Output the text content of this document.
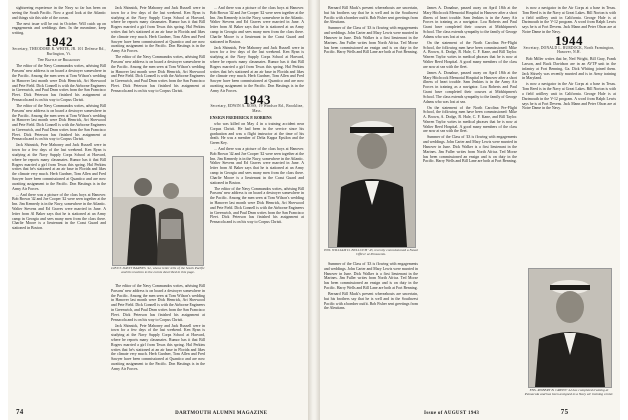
sightseeing experience in the Navy so far has been on seeing the South Pacific. Now a good look at the Atlantic and things stir this side of the ocean.

The next issue will be out in October. Will catch up on engagements and weddings then. In the meantime, keep writing.

1942
Secretary, THEODORE R. WHITE, JR. 101 Defense Rd., Burlington, Vt.

The Battle of Broadway

The editor of the Navy Commandos writes, advising Bill Parsons' new address is on board a destroyer somewhere in the Pacific. Among the men seen at Tom Wilson's wedding in Hanover last month were Dick Hemrick, Art Sherwood and Pete Field. Dick Connell is with the Airborne Engineers in Greenwich, and Paul Dean writes from the San Francisco Fleet. Dick Peterson has finished his assignment at Pensacola and is on his way to Corpus Christi.

The editor of the Navy Commandos writes, advising Bill Parsons' new address is on board a destroyer somewhere in the Pacific. Among the men seen at Tom Wilson's wedding in Hanover last month were Dick Hemrick, Art Sherwood and Pete Field. Dick Connell is with the Airborne Engineers in Greenwich, and Paul Dean writes from the San Francisco Fleet. Dick Peterson has finished his assignment at Pensacola and is on his way to Corpus Christi.

Jack Shinnick, Pete Mahoney and Jack Russell were in town for a few days of the last weekend. Ken Ryan is studying at the Navy Supply Corps School at Harvard, where he reports many classmates. Rumor has it that Bill Rogers married a girl from Texas this spring. Hal Perkins writes that he's stationed at an air base in Florida and likes the climate very much. Herb Gardner, Tom Allen and Fred Sawyer have been commissioned at Quantico and are now awaiting assignment to the Pacific. Don Hastings is in the Army Air Forces.

... And there was a picture of the class boys at Hanover. Bob Brown '42 and Joe Cooper '42 were seen together at the Inn. Jim Kennedy is in the Navy, somewhere in the Atlantic. Walter Stevens and Ed Graves were married in June. A letter from Al Baker says that he is stationed at an Army camp in Georgia and sees many men from the class there. Charlie Moore is a lieutenant in the Coast Guard and stationed in Boston.

Jack Shinnick, Pete Mahoney and Jack Russell were in town for a few days of the last weekend. Ken Ryan is studying at the Navy Supply Corps School at Harvard, where he reports many classmates. Rumor has it that Bill Rogers married a girl from Texas this spring. Hal Perkins writes that he's stationed at an air base in Florida and likes the climate very much. Herb Gardner, Tom Allen and Fred Sawyer have been commissioned at Quantico and are now awaiting assignment to the Pacific. Don Hastings is in the Army Air Forces.

The editor of the Navy Commandos writes, advising Bill Parsons' new address is on board a destroyer somewhere in the Pacific. Among the men seen at Tom Wilson's wedding in Hanover last month were Dick Hemrick, Art Sherwood and Pete Field. Dick Connell is with the Airborne Engineers in Greenwich, and Paul Dean writes from the San Francisco Fleet. Dick Peterson has finished his assignment at Pensacola and is on his way to Corpus Christi.

LIEUT. DAVIT BARNES '42, whose letter tells of the South Pacific and his reaction to the events described in this page.

The editor of the Navy Commandos writes, advising Bill Parsons' new address is on board a destroyer somewhere in the Pacific. Among the men seen at Tom Wilson's wedding in Hanover last month were Dick Hemrick, Art Sherwood and Pete Field. Dick Connell is with the Airborne Engineers in Greenwich, and Paul Dean writes from the San Francisco Fleet. Dick Peterson has finished his assignment at Pensacola and is on his way to Corpus Christi.

Jack Shinnick, Pete Mahoney and Jack Russell were in town for a few days of the last weekend. Ken Ryan is studying at the Navy Supply Corps School at Harvard, where he reports many classmates. Rumor has it that Bill Rogers married a girl from Texas this spring. Hal Perkins writes that he's stationed at an air base in Florida and likes the climate very much. Herb Gardner, Tom Allen and Fred Sawyer have been commissioned at Quantico and are now awaiting assignment to the Pacific. Don Hastings is in the Army Air Forces.

... And there was a picture of the class boys at Hanover. Bob Brown '42 and Joe Cooper '42 were seen together at the Inn. Jim Kennedy is in the Navy, somewhere in the Atlantic. Walter Stevens and Ed Graves were married in June. A letter from Al Baker says that he is stationed at an Army camp in Georgia and sees many men from the class there. Charlie Moore is a lieutenant in the Coast Guard and stationed in Boston.

Jack Shinnick, Pete Mahoney and Jack Russell were in town for a few days of the last weekend. Ken Ryan is studying at the Navy Supply Corps School at Harvard, where he reports many classmates. Rumor has it that Bill Rogers married a girl from Texas this spring. Hal Perkins writes that he's stationed at an air base in Florida and likes the climate very much. Herb Gardner, Tom Allen and Fred Sawyer have been commissioned at Quantico and are now awaiting assignment to the Pacific. Don Hastings is in the Army Air Forces.

1943
Secretary, EDWIN A. ROSS, 19 Windsor Rd., Brookline, Mass.

ENSIGN FREDERICK P. ROBBINS

who was killed on May 4 in a training accident near Corpus Christi. He had been in the service since his graduation and was a flight instructor at the time of his death. He was a member of Delta Kappa Epsilon and the Green Key.

... And there was a picture of the class boys at Hanover. Bob Brown '42 and Joe Cooper '42 were seen together at the Inn. Jim Kennedy is in the Navy, somewhere in the Atlantic. Walter Stevens and Ed Graves were married in June. A letter from Al Baker says that he is stationed at an Army camp in Georgia and sees many men from the class there. Charlie Moore is a lieutenant in the Coast Guard and stationed in Boston.

The editor of the Navy Commandos writes, advising Bill Parsons' new address is on board a destroyer somewhere in the Pacific. Among the men seen at Tom Wilson's wedding in Hanover last month were Dick Hemrick, Art Sherwood and Pete Field. Dick Connell is with the Airborne Engineers in Greenwich, and Paul Dean writes from the San Francisco Fleet. Dick Peterson has finished his assignment at Pensacola and is on his way to Corpus Christi.

74	DARTMOUTH ALUMNI MAGAZINE

Bernard Bill Mack's present whereabouts are uncertain, but his brothers say that he is well and in the Southwest Pacific with a bomber outfit. Bob Fisher sent greetings from the Aleutians.

Summer of the Class of '43 is flowing with engagements and weddings. John Carter and Mary Lewis were married in Hanover in June. Dick Walker is a first lieutenant in the Marines. Jim Fuller writes from North Africa. Ted Morse has been commissioned an ensign and is on duty in the Pacific. Harry Wells and Bill Lane are both at Fort Benning.

ENS. WILLIAM D. BULLOCH '43, recently commissioned a Naval Officer at Pensacola.

Summer of the Class of '43 is flowing with engagements and weddings. John Carter and Mary Lewis were married in Hanover in June. Dick Walker is a first lieutenant in the Marines. Jim Fuller writes from North Africa. Ted Morse has been commissioned an ensign and is on duty in the Pacific. Harry Wells and Bill Lane are both at Fort Benning.

Bernard Bill Mack's present whereabouts are uncertain, but his brothers say that he is well and in the Southwest Pacific with a bomber outfit. Bob Fisher sent greetings from the Aleutians.

James A. Donahue, passed away on April 18th at the Mary Hitchcock Memorial Hospital in Hanover after a short illness of heart trouble. Sam Jenkins is in the Army Air Forces in training as a navigator. Lou Roberts and Paul Grant have completed their courses at Midshipmen's School. The class extends sympathy to the family of George Adams who was lost at sea.

On the statement of the North Carolina Pre-Flight School, the following men have been commissioned: Mike A. Brown, A. Dodge, B. Hale, C. F. Kane, and Bill Taylor. Warren Taylor writes in medical phrases that he is now at Walter Reed Hospital. A good many members of the class are now at sea with the fleet.

James A. Donahue, passed away on April 18th at the Mary Hitchcock Memorial Hospital in Hanover after a short illness of heart trouble. Sam Jenkins is in the Army Air Forces in training as a navigator. Lou Roberts and Paul Grant have completed their courses at Midshipmen's School. The class extends sympathy to the family of George Adams who was lost at sea.

On the statement of the North Carolina Pre-Flight School, the following men have been commissioned: Mike A. Brown, A. Dodge, B. Hale, C. F. Kane, and Bill Taylor. Warren Taylor writes in medical phrases that he is now at Walter Reed Hospital. A good many members of the class are now at sea with the fleet.

Summer of the Class of '43 is flowing with engagements and weddings. John Carter and Mary Lewis were married in Hanover in June. Dick Walker is a first lieutenant in the Marines. Jim Fuller writes from North Africa. Ted Morse has been commissioned an ensign and is on duty in the Pacific. Harry Wells and Bill Lane are both at Fort Benning.

is now a navigator in the Air Corps at a base in Texas. Tom Reed is in the Navy at Great Lakes. Bill Norton is with a field artillery unit in California. George Hale is at Dartmouth in the V-12 program. A word from Ralph Lewis says he is at Fort Devens. Jack Mann and Peter Olson are at Notre Dame in the Navy.

1944
Secretary, DONALD L. BURDOCK, North Farmington, Hanover, N.H.

Bob Miller writes that he, Ned Wright, Bill Gray, Frank Larson, and Buck Davidson are in an AVTP unit in the infantry at Fort Benning, Ga. Dick Whiting joined them. Jack Shively was recently married and is in Army training in Maryland.

is now a navigator in the Air Corps at a base in Texas. Tom Reed is in the Navy at Great Lakes. Bill Norton is with a field artillery unit in California. George Hale is at Dartmouth in the V-12 program. A word from Ralph Lewis says he is at Fort Devens. Jack Mann and Peter Olson are at Notre Dame in the Navy.

ENS. ROBERT B. GREEN '44 has completed training at Pensacola and has been assigned to a Navy air training center.
Issue of AUGUST 1943	75
